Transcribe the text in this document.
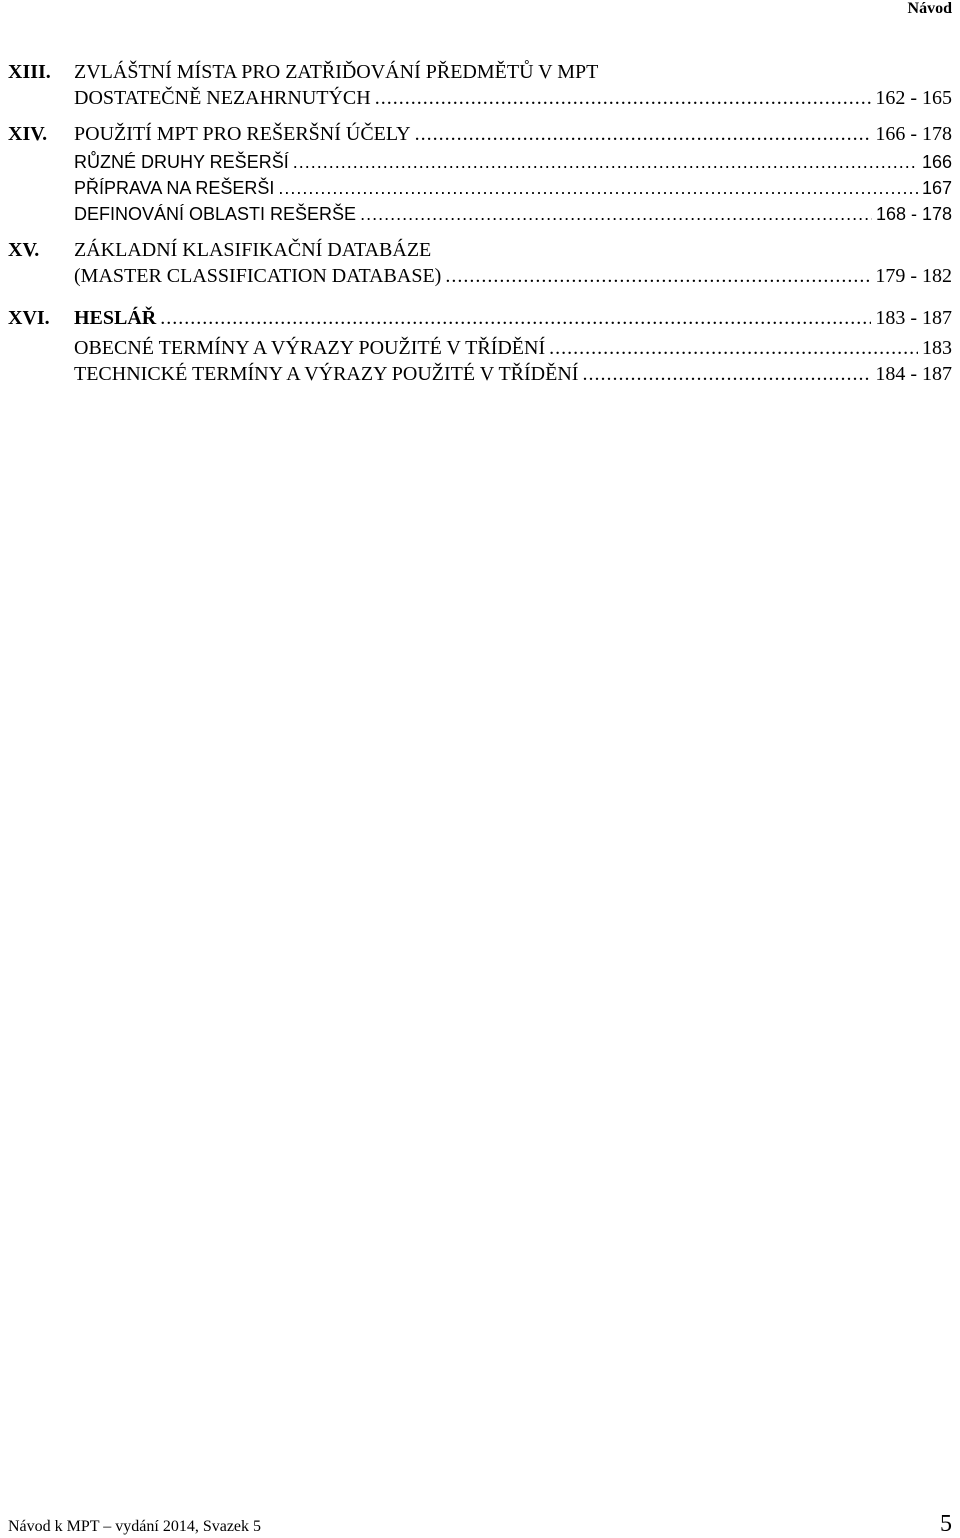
Návod
XIII.	ZVLÁŠTNÍ MÍSTA PRO ZATŘIĎOVÁNÍ PŘEDMĚTŮ V MPT
DOSTATEČNĚ NEZAHRNUTÝCH .....	162 - 165
XIV.	POUŽITÍ MPT PRO REŠERŠNÍ ÚČELY .....	166 - 178
RŮZNÉ DRUHY REŠERŠÍ .....	166
PŘÍPRAVA NA REŠERŠI .....	167
DEFINOVÁNÍ OBLASTI REŠERŠE .....	168 - 178
XV.	ZÁKLADNÍ KLASIFIKAČNÍ DATABÁZE
(MASTER CLASSIFICATION DATABASE) .....	179 - 182
XVI.	HESLÁŘ .....	183 - 187
OBECNÉ TERMÍNY A VÝRAZY POUŽITÉ V TŘÍDĚNÍ .....	183
TECHNICKÉ TERMÍNY A VÝRAZY POUŽITÉ V TŘÍDĚNÍ .....	184 - 187
Návod k MPT – vydání 2014, Svazek 5	5
